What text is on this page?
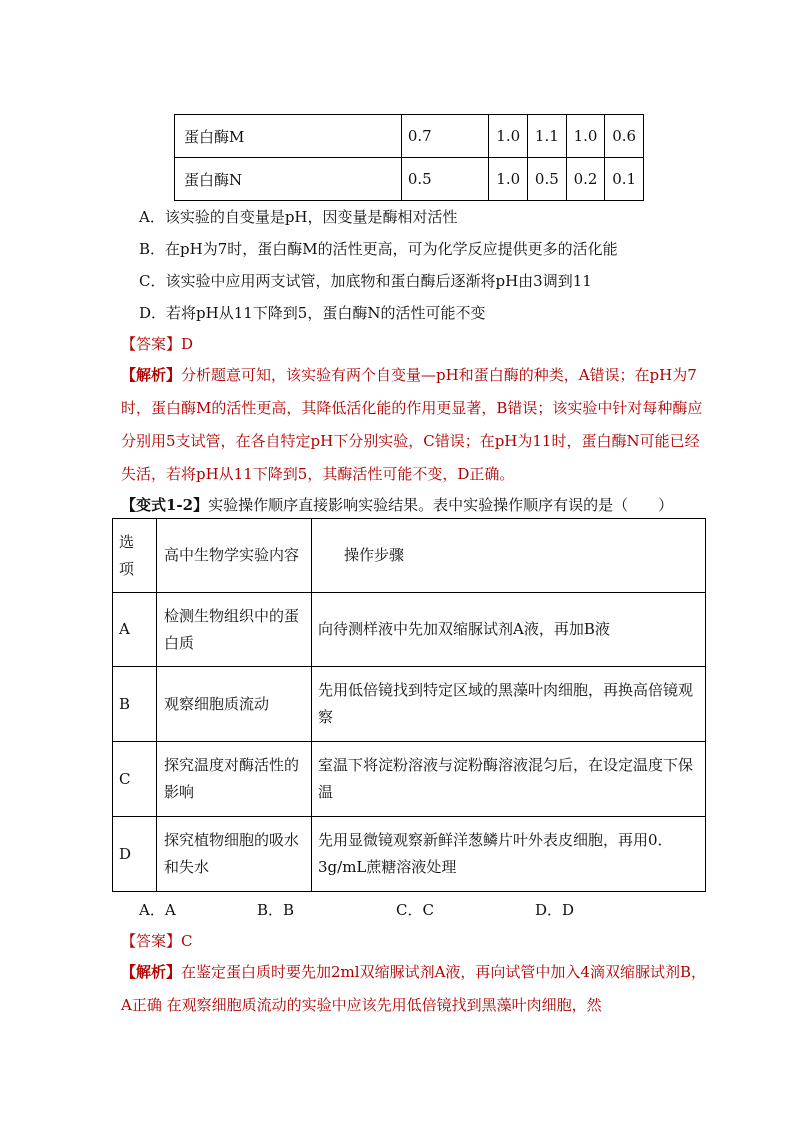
蛋白酶M	0.7	1.0	1.1	1.0	0.6
蛋白酶N	0.5	1.0	0.5	0.2	0.1
A．该实验的自变量是pH，因变量是酶相对活性
B．在pH为7时，蛋白酶M的活性更高，可为化学反应提供更多的活化能
C．该实验中应用两支试管，加底物和蛋白酶后逐渐将pH由3调到11
D．若将pH从11下降到5，蛋白酶N的活性可能不变
【答案】D
【解析】分析题意可知，该实验有两个自变量—pH和蛋白酶的种类，A错误；在pH为7时，蛋白酶M的活性更高，其降低活化能的作用更显著，B错误；该实验中针对每种酶应分别用5支试管，在各自特定pH下分别实验，C错误；在pH为11时，蛋白酶N可能已经失活，若将pH从11下降到5，其酶活性可能不变，D正确。
【变式1-2】实验操作顺序直接影响实验结果。表中实验操作顺序有误的是（　　）
选项	高中生物学实验内容	操作步骤
A	检测生物组织中的蛋白质	向待测样液中先加双缩脲试剂A液，再加B液
B	观察细胞质流动	先用低倍镜找到特定区域的黑藻叶肉细胞，再换高倍镜观察
C	探究温度对酶活性的影响	室温下将淀粉溶液与淀粉酶溶液混匀后，在设定温度下保温
D	探究植物细胞的吸水和失水	先用显微镜观察新鲜洋葱鳞片叶外表皮细胞，再用0．3g/mL蔗糖溶液处理
A．A	B．B	C．C	D．D
【答案】C
【解析】在鉴定蛋白质时要先加2ml双缩脲试剂A液，再向试管中加入4滴双缩脲试剂B，A正确 在观察细胞质流动的实验中应该先用低倍镜找到黑藻叶肉细胞，然
